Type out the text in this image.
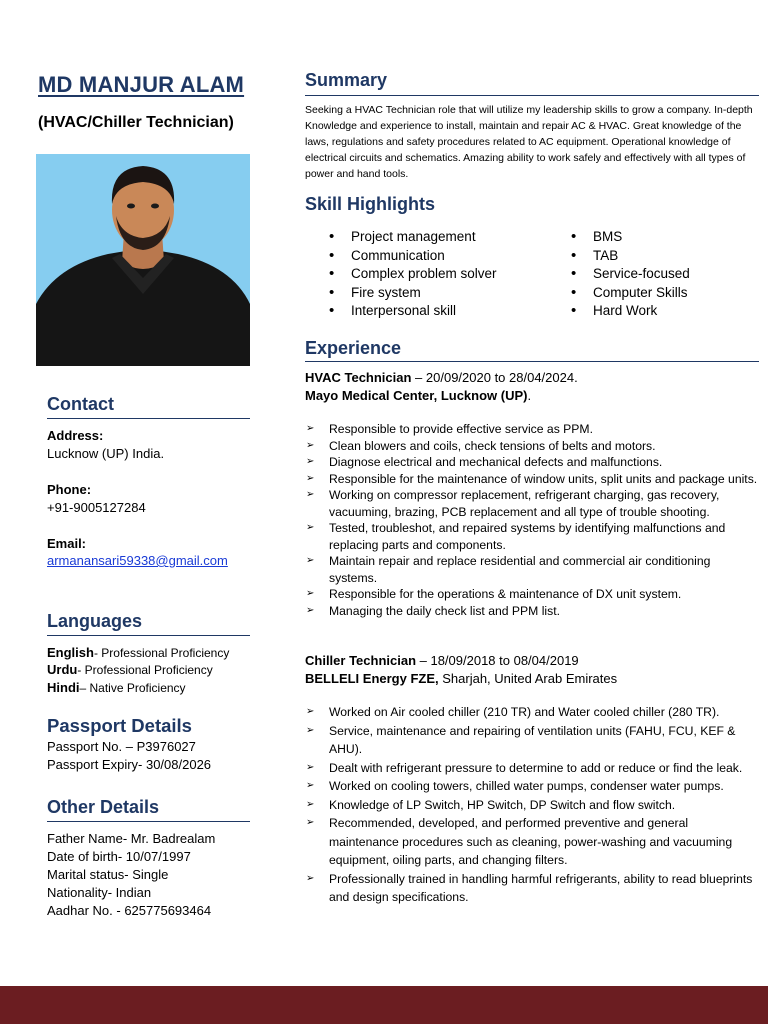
MD MANJUR ALAM
(HVAC/Chiller Technician)
Contact
Address:
Lucknow (UP) India.
Phone:
+91-9005127284
Email:
armanansari59338@gmail.com
Languages
English- Professional Proficiency
Urdu- Professional Proficiency
Hindi– Native Proficiency
Passport Details
Passport No. – P3976027
Passport Expiry- 30/08/2026
Other Details
Father Name- Mr. Badrealam
Date of birth- 10/07/1997
Marital status- Single
Nationality- Indian
Aadhar No. - 625775693464
Summary
Seeking a HVAC Technician role that will utilize my leadership skills to grow a company. In-depth Knowledge and experience to install, maintain and repair AC & HVAC. Great knowledge of the laws, regulations and safety procedures related to AC equipment. Operational knowledge of electrical circuits and schematics. Amazing ability to work safely and effectively with all types of power and hand tools.
Skill Highlights
• Project management
• Communication
• Complex problem solver
• Fire system
• Interpersonal skill
• BMS
• TAB
• Service-focused
• Computer Skills
• Hard Work
Experience
HVAC Technician – 20/09/2020 to 28/04/2024.
Mayo Medical Center, Lucknow (UP).
➢ Responsible to provide effective service as PPM.
➢ Clean blowers and coils, check tensions of belts and motors.
➢ Diagnose electrical and mechanical defects and malfunctions.
➢ Responsible for the maintenance of window units, split units and package units.
➢ Working on compressor replacement, refrigerant charging, gas recovery, vacuuming, brazing, PCB replacement and all type of trouble shooting.
➢ Tested, troubleshot, and repaired systems by identifying malfunctions and replacing parts and components.
➢ Maintain repair and replace residential and commercial air conditioning systems.
➢ Responsible for the operations & maintenance of DX unit system.
➢ Managing the daily check list and PPM list.
Chiller Technician – 18/09/2018 to 08/04/2019
BELLELI Energy FZE, Sharjah, United Arab Emirates
➢ Worked on Air cooled chiller (210 TR) and Water cooled chiller (280 TR).
➢ Service, maintenance and repairing of ventilation units (FAHU, FCU, KEF & AHU).
➢ Dealt with refrigerant pressure to determine to add or reduce or find the leak.
➢ Worked on cooling towers, chilled water pumps, condenser water pumps.
➢ Knowledge of LP Switch, HP Switch, DP Switch and flow switch.
➢ Recommended, developed, and performed preventive and general maintenance procedures such as cleaning, power-washing and vacuuming equipment, oiling parts, and changing filters.
➢ Professionally trained in handling harmful refrigerants, ability to read blueprints and design specifications.
